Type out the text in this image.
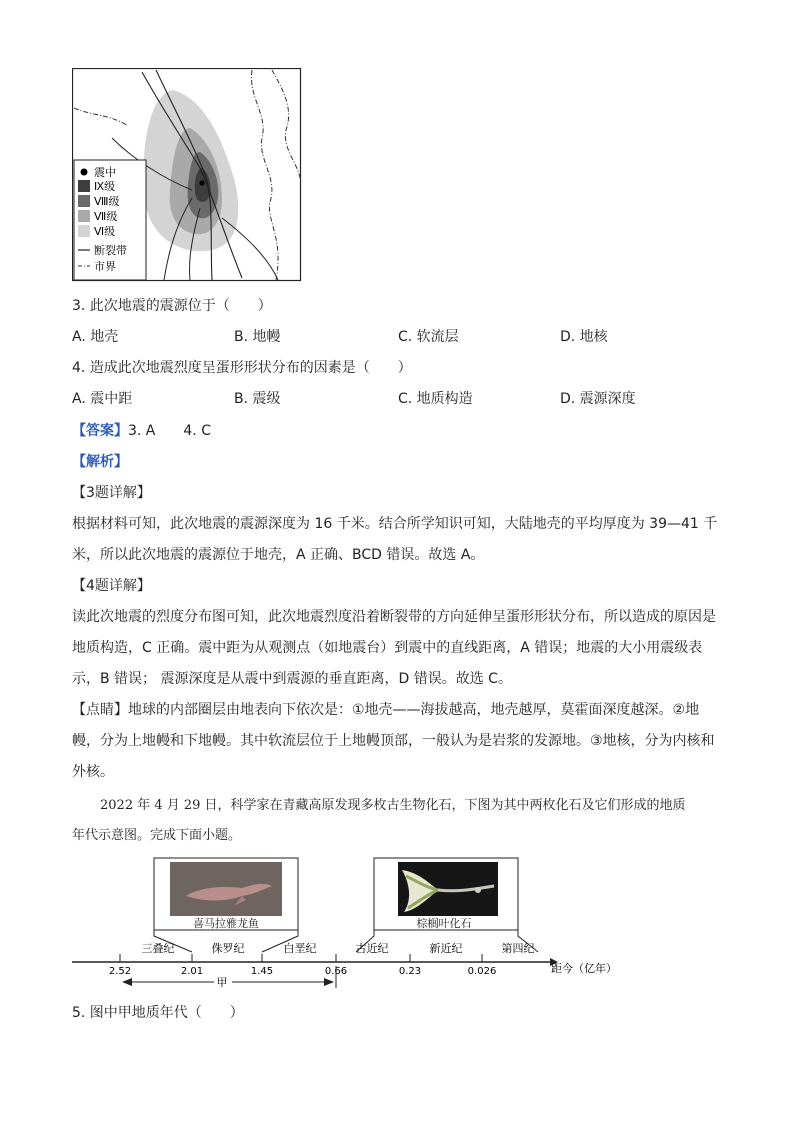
震中
Ⅸ级
Ⅷ级
Ⅶ级
Ⅵ级
断裂带
市界
3. 此次地震的震源位于（　　）
A. 地壳	B. 地幔	C. 软流层	D. 地核
4. 造成此次地震烈度呈蛋形形状分布的因素是（　　）
A. 震中距	B. 震级	C. 地质构造	D. 震源深度
【答案】3. A　　4. C
【解析】
【3题详解】
根据材料可知，此次地震的震源深度为 16 千米。结合所学知识可知，大陆地壳的平均厚度为 39—41 千
米，所以此次地震的震源位于地壳，A 正确、BCD 错误。故选 A。
【4题详解】
读此次地震的烈度分布图可知，此次地震烈度沿着断裂带的方向延伸呈蛋形形状分布，所以造成的原因是
地质构造，C 正确。震中距为从观测点（如地震台）到震中的直线距离，A 错误；地震的大小用震级表
示，B 错误； 震源深度是从震中到震源的垂直距离，D 错误。故选 C。
【点睛】地球的内部圈层由地表向下依次是：①地壳——海拔越高，地壳越厚，莫霍面深度越深。②地
幔，分为上地幔和下地幔。其中软流层位于上地幔顶部，一般认为是岩浆的发源地。③地核，分为内核和
外核。
2022 年 4 月 29 日，科学家在青藏高原发现多枚古生物化石，下图为其中两枚化石及它们形成的地质
年代示意图。完成下面小题。
喜马拉雅龙鱼	棕榈叶化石
三叠纪	侏罗纪	白垩纪	古近纪	新近纪	第四纪
2.52	2.01	1.45	0.66	0.23	0.026	距今（亿年）
甲
5. 图中甲地质年代（　　）
